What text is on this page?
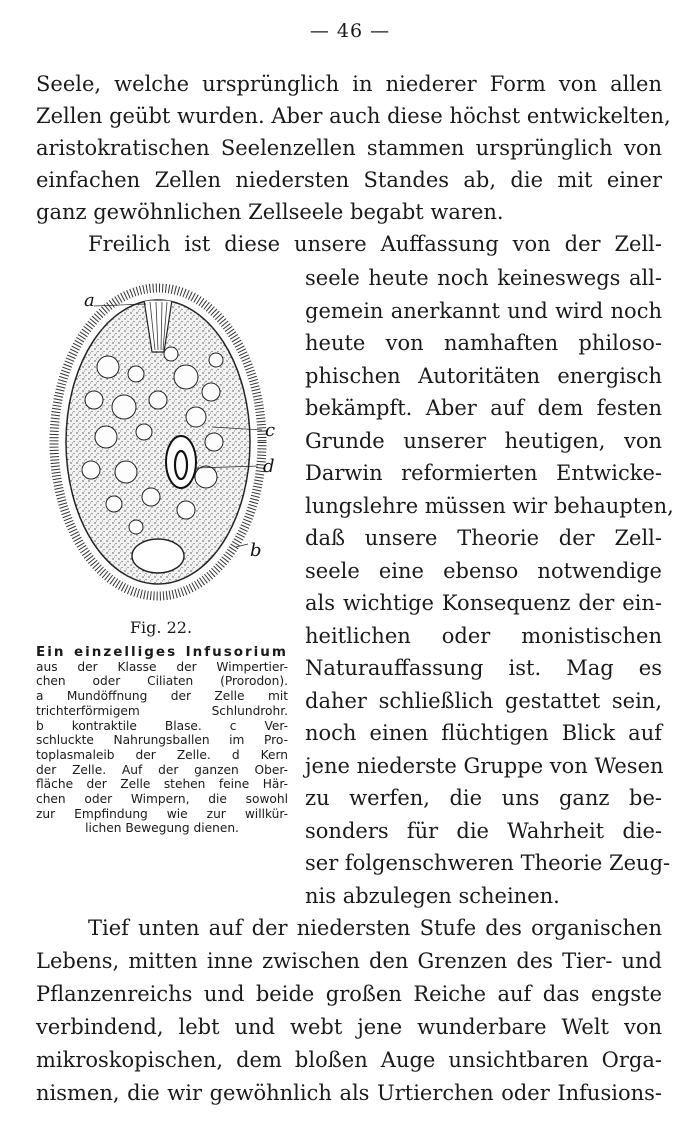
— 46 —
Seele, welche ursprünglich in niederer Form von allen
Zellen geübt wurden. Aber auch diese höchst entwickelten,
aristokratischen Seelenzellen stammen ursprünglich von
einfachen Zellen niedersten Standes ab, die mit einer
ganz gewöhnlichen Zellseele begabt waren.
Freilich ist diese unsere Auffassung von der Zell-
seele heute noch keineswegs all-
gemein anerkannt und wird noch
heute von namhaften philoso-
phischen Autoritäten energisch
bekämpft. Aber auf dem festen
Grunde unserer heutigen, von
Darwin reformierten Entwicke-
lungslehre müssen wir behaupten,
daß unsere Theorie der Zell-
seele eine ebenso notwendige
als wichtige Konsequenz der ein-
heitlichen oder monistischen
Naturauffassung ist. Mag es
daher schließlich gestattet sein,
noch einen flüchtigen Blick auf
jene niederste Gruppe von Wesen
zu werfen, die uns ganz be-
sonders für die Wahrheit die-
ser folgenschweren Theorie Zeug-
nis abzulegen scheinen.
a
c
d
b
Fig. 22.
Ein einzelliges Infusorium
aus der Klasse der Wimpertier-
chen oder Ciliaten (Prorodon).
a Mundöffnung der Zelle mit
trichterförmigem Schlundrohr.
b kontraktile Blase. c Ver-
schluckte Nahrungsballen im Pro-
toplasmaleib der Zelle. d Kern
der Zelle. Auf der ganzen Ober-
fläche der Zelle stehen feine Här-
chen oder Wimpern, die sowohl
zur Empfindung wie zur willkür-
lichen Bewegung dienen.
Tief unten auf der niedersten Stufe des organischen
Lebens, mitten inne zwischen den Grenzen des Tier- und
Pflanzenreichs und beide großen Reiche auf das engste
verbindend, lebt und webt jene wunderbare Welt von
mikroskopischen, dem bloßen Auge unsichtbaren Orga-
nismen, die wir gewöhnlich als Urtierchen oder Infusions-
